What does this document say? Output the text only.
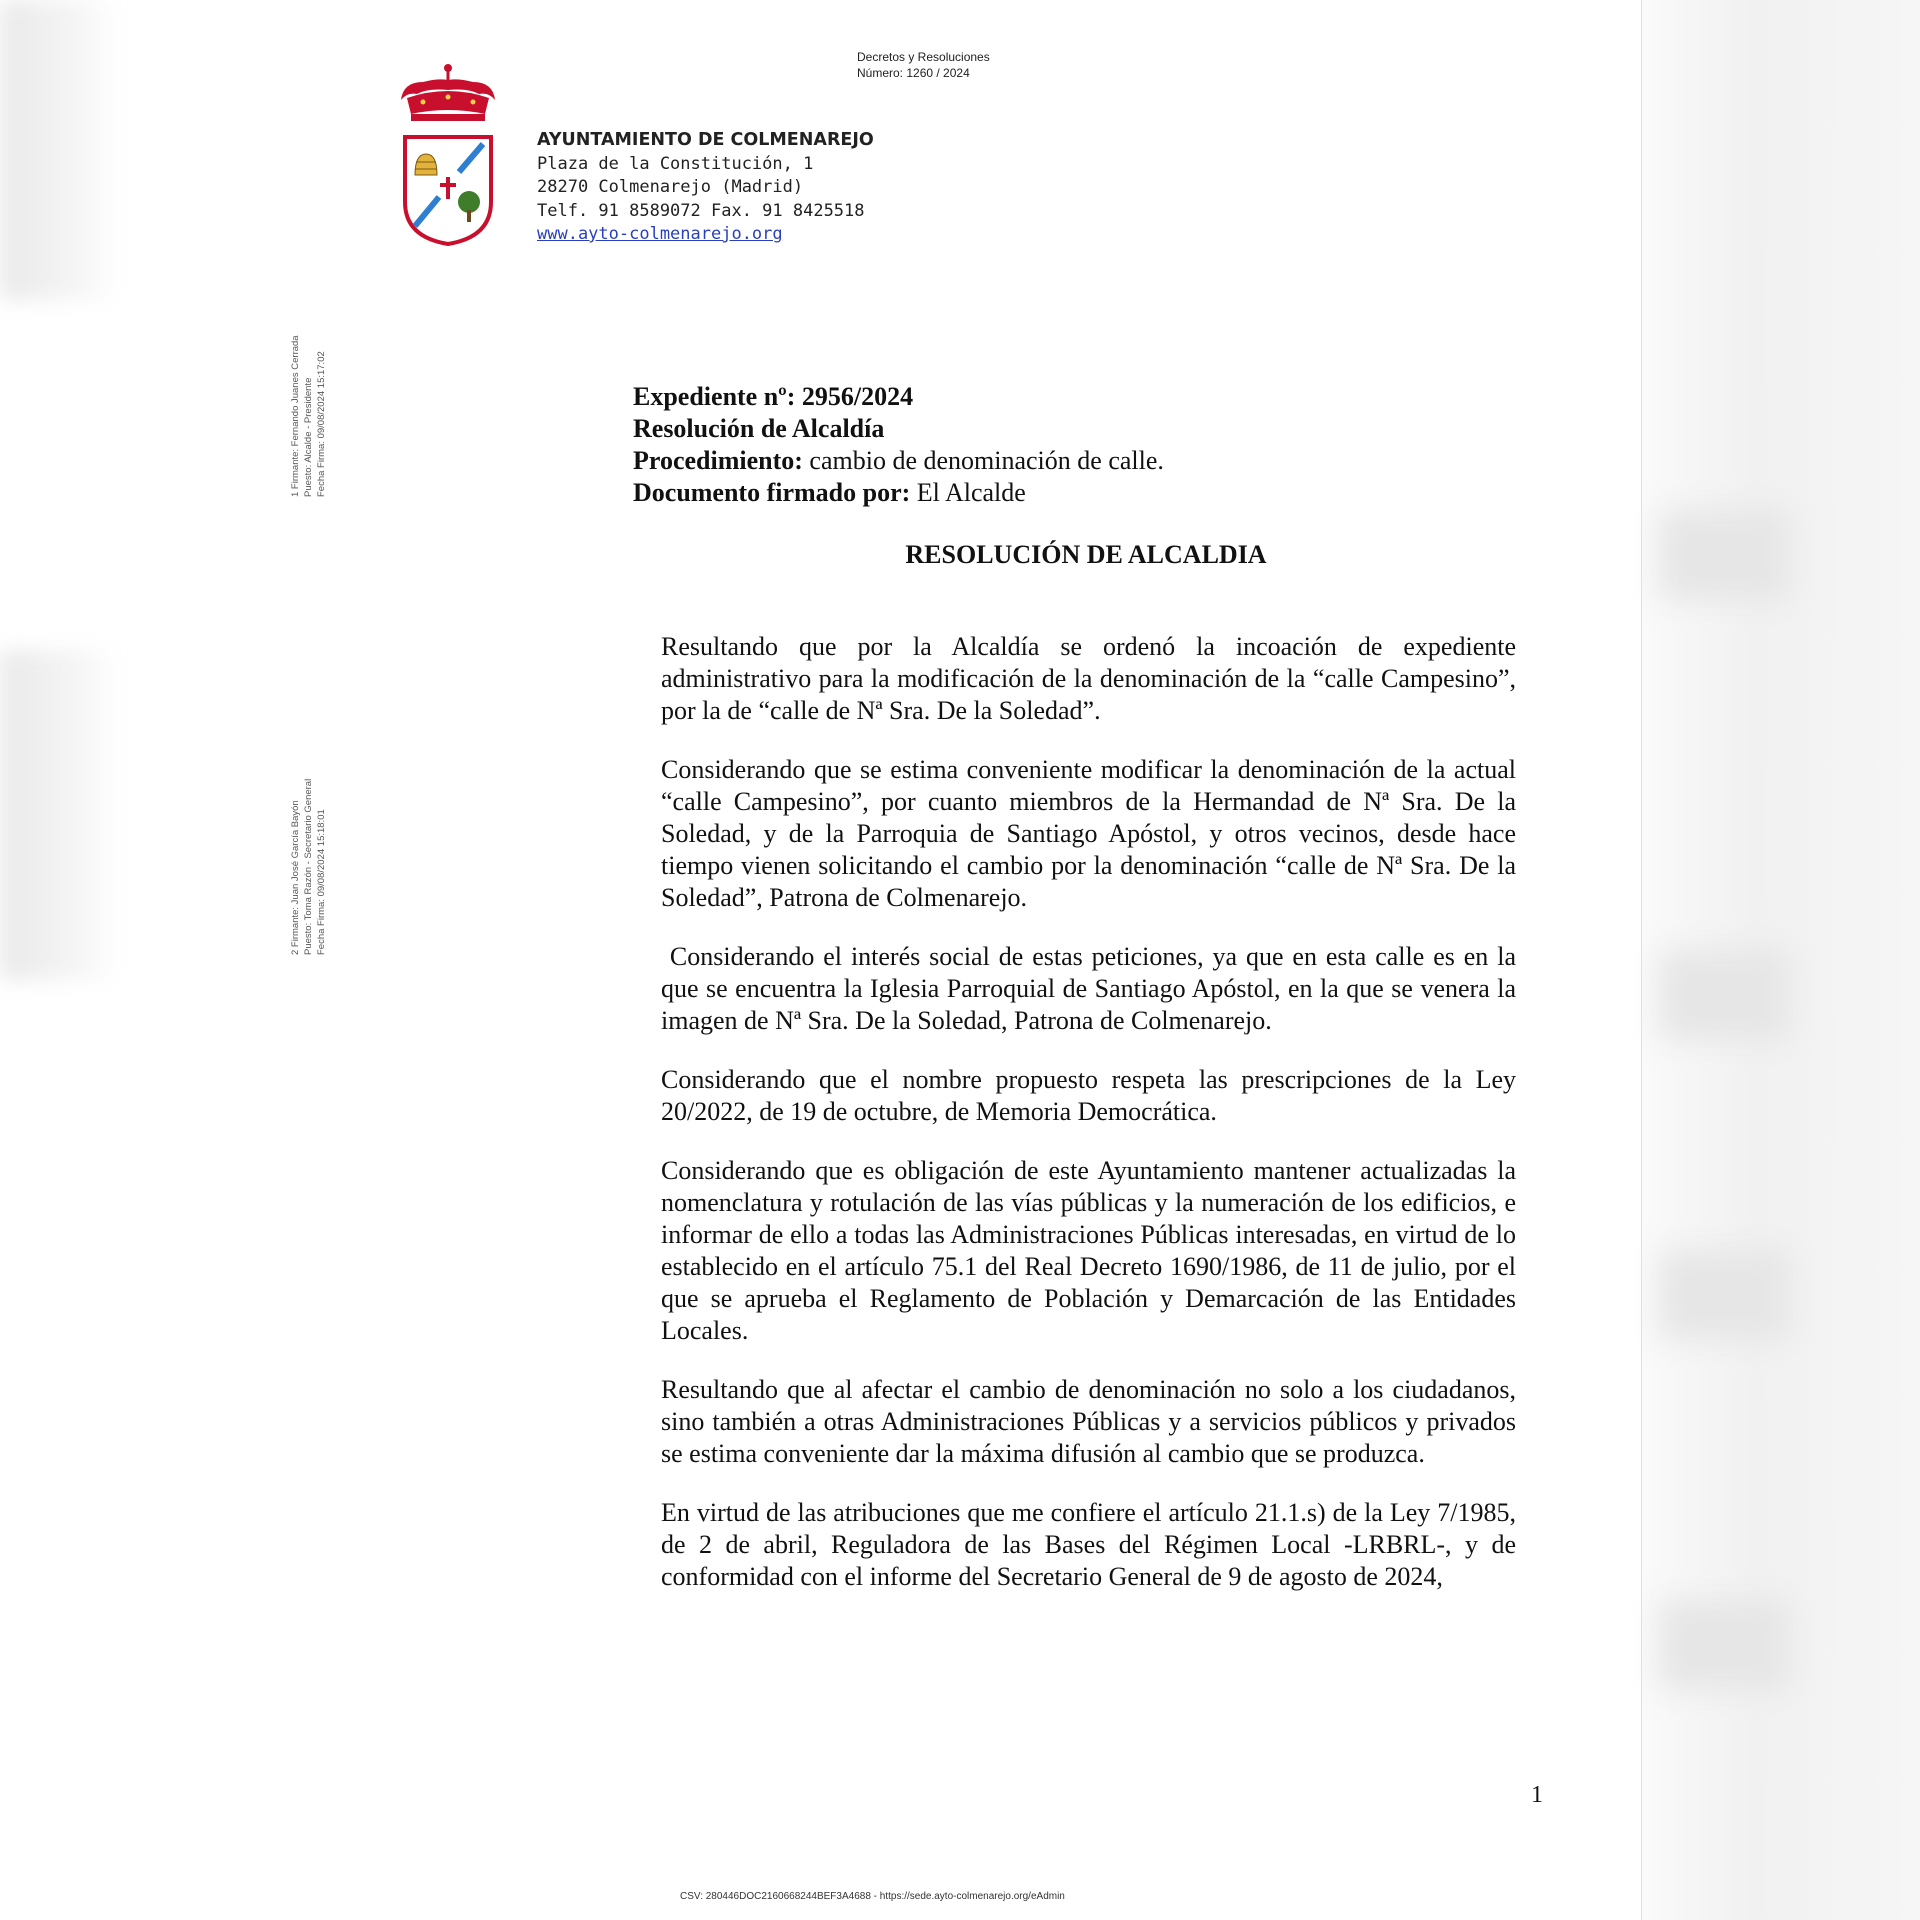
Decretos y Resoluciones
Número: 1260 / 2024
AYUNTAMIENTO DE COLMENAREJO
Plaza de la Constitución, 1
28270 Colmenarejo (Madrid)
Telf. 91 8589072 Fax. 91 8425518
www.ayto-colmenarejo.org
1 Firmante: Fernando Juanes Cerrada Puesto: Alcalde - Presidente Fecha Firma: 09/08/2024 15:17:02
2 Firmante: Juan José García Bayón Puesto: Toma Razón - Secretario General Fecha Firma: 09/08/2024 15:18:01
Expediente nº: 2956/2024
Resolución de Alcaldía
Procedimiento: cambio de denominación de calle.
Documento firmado por: El Alcalde
RESOLUCIÓN DE ALCALDIA

Resultando que por la Alcaldía se ordenó la incoación de expediente administrativo para la modificación de la denominación de la “calle Campesino”, por la de “calle de Nª Sra. De la Soledad”.

Considerando que se estima conveniente modificar la denominación de la actual “calle Campesino”, por cuanto miembros de la Hermandad de Nª Sra. De la Soledad, y de la Parroquia de Santiago Apóstol, y otros vecinos, desde hace tiempo vienen solicitando el cambio por la denominación “calle de Nª Sra. De la Soledad”, Patrona de Colmenarejo.

Considerando el interés social de estas peticiones, ya que en esta calle es en la que se encuentra la Iglesia Parroquial de Santiago Apóstol, en la que se venera la imagen de Nª Sra. De la Soledad, Patrona de Colmenarejo.

Considerando que el nombre propuesto respeta las prescripciones de la Ley 20/2022, de 19 de octubre, de Memoria Democrática.

Considerando que es obligación de este Ayuntamiento mantener actualizadas la nomenclatura y rotulación de las vías públicas y la numeración de los edificios, e informar de ello a todas las Administraciones Públicas interesadas, en virtud de lo establecido en el artículo 75.1 del Real Decreto 1690/1986, de 11 de julio, por el que se aprueba el Reglamento de Población y Demarcación de las Entidades Locales.

Resultando que al afectar el cambio de denominación no solo a los ciudadanos, sino también a otras Administraciones Públicas y a servicios públicos y privados se estima conveniente dar la máxima difusión al cambio que se produzca.

En virtud de las atribuciones que me confiere el artículo 21.1.s) de la Ley 7/1985, de 2 de abril, Reguladora de las Bases del Régimen Local -LRBRL-, y de conformidad con el informe del Secretario General de 9 de agosto de 2024,

1
CSV: 280446DOC2160668244BEF3A4688 - https://sede.ayto-colmenarejo.org/eAdmin
